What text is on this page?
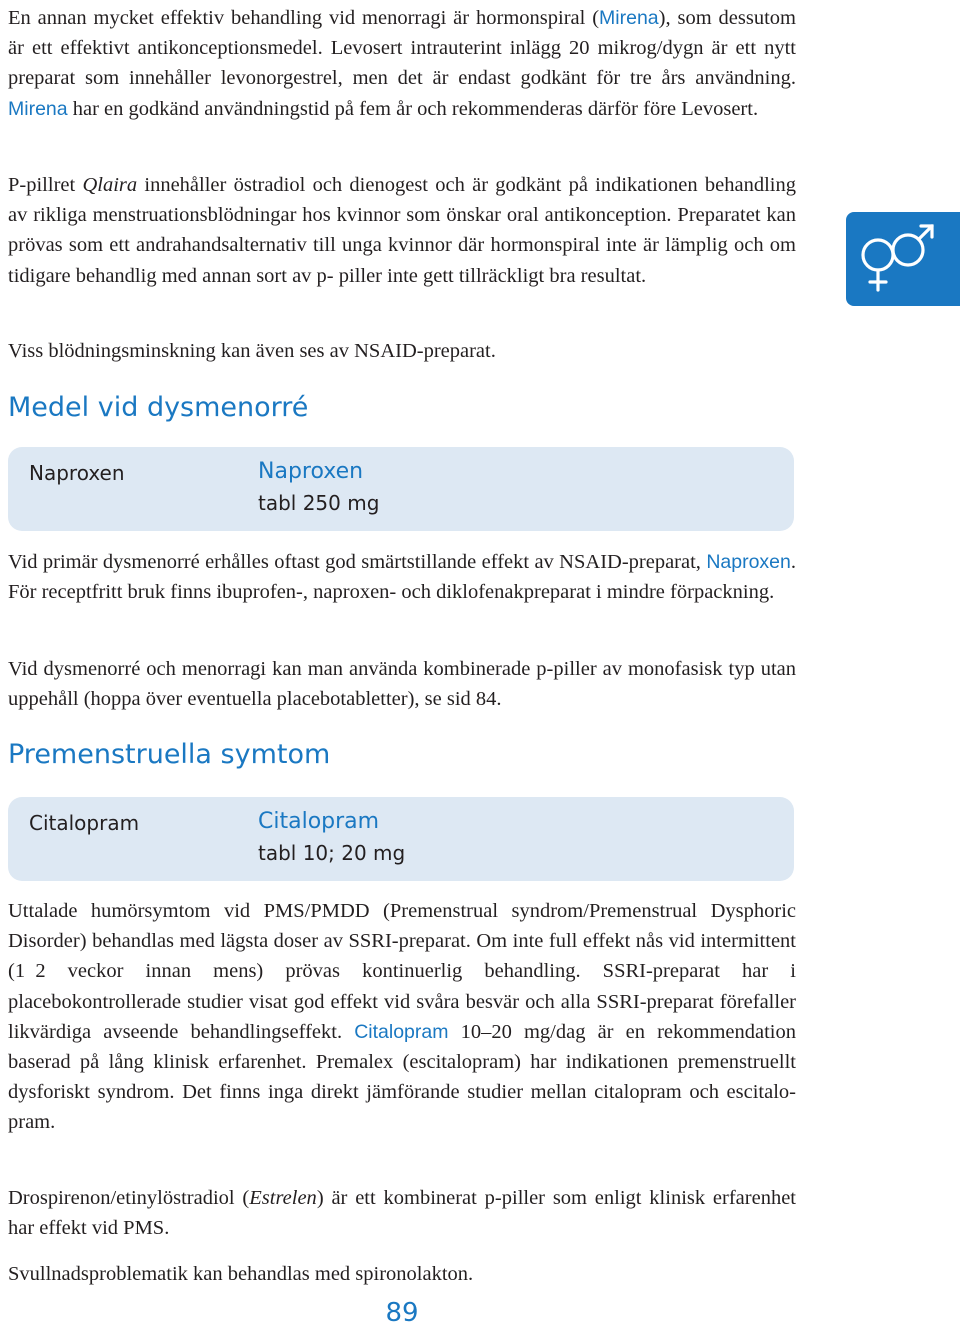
En annan mycket effektiv behandling vid menorragi är hormonspiral (Mirena), som dessutom är ett effektivt antikonceptionsmedel. Levosert intrauterint inlägg 20 mikrog/dygn är ett nytt preparat som innehåller levonorgestrel, men det är endast godkänt för tre års användning. Mirena har en godkänd användningstid på fem år och rekommenderas därför före Levosert.

P-pillret Qlaira innehåller östradiol och dienogest och är godkänt på indikationen behandling av rikliga menstruationsblödningar hos kvinnor som önskar oral antikonception. Preparatet kan prövas som ett andrahandsalternativ till unga kvinnor där hormonspiral inte är lämplig och om tidigare behandlig med annan sort av p- piller inte gett tillräckligt bra resultat.

Viss blödningsminskning kan även ses av NSAID-preparat.

Medel vid dysmenorré
Naproxen	Naproxen
tabl 250 mg

Vid primär dysmenorré erhålles oftast god smärtstillande effekt av NSAID-preparat, Naproxen. För receptfritt bruk finns ibuprofen-, naproxen- och diklofenakpreparat i mindre förpackning.

Vid dysmenorré och menorragi kan man använda kombinerade p-piller av monofasisk typ utan uppehåll (hoppa över eventuella placebotabletter), se sid 84.

Premenstruella symtom
Citalopram	Citalopram
tabl 10; 20 mg

Uttalade humörsymtom vid PMS/PMDD (Premenstrual syndrom/Premenstrual Dysphoric Disorder) behandlas med lägsta doser av SSRI-preparat. Om inte full effekt nås vid intermittent (1 2 veckor innan mens) prövas kontinuerlig behandling. SSRI-preparat har i placebokontrollerade studier visat god effekt vid svåra besvär och alla SSRI-preparat förefaller likvärdiga avseende behandlingseffekt. Citalopram 10–20 mg/dag är en rekommendation baserad på lång klinisk erfarenhet. Premalex (escitalopram) har indikationen premenstruellt dysforiskt syndrom. Det finns inga direkt jämförande studier mellan citalopram och escitalopram.

Drospirenon/etinylöstradiol (Estrelen) är ett kombinerat p-piller som enligt klinisk erfarenhet har effekt vid PMS.

Svullnadsproblematik kan behandlas med spironolakton.

89
